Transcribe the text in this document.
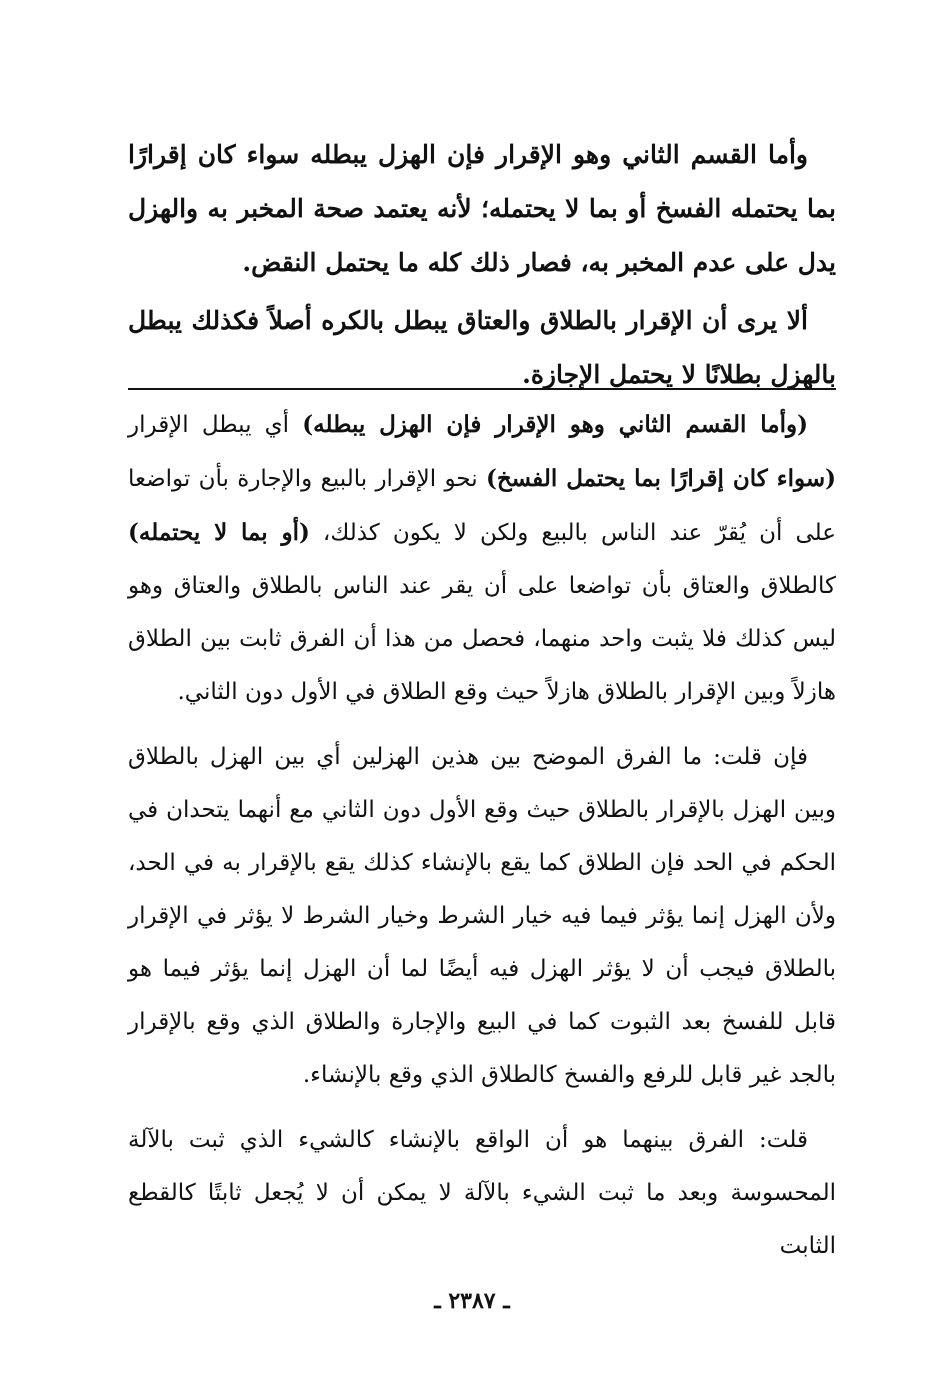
وأما القسم الثاني وهو الإقرار فإن الهزل يبطله سواء كان إقرارًا بما يحتمله الفسخ أو بما لا يحتمله؛ لأنه يعتمد صحة المخبر به والهزل يدل على عدم المخبر به، فصار ذلك كله ما يحتمل النقض.

ألا يرى أن الإقرار بالطلاق والعتاق يبطل بالكره أصلاً فكذلك يبطل بالهزل بطلانًا لا يحتمل الإجازة.

(وأما القسم الثاني وهو الإقرار فإن الهزل يبطله) أي يبطل الإقرار (سواء كان إقرارًا بما يحتمل الفسخ) نحو الإقرار بالبيع والإجارة بأن تواضعا على أن يُقرّ عند الناس بالبيع ولكن لا يكون كذلك، (أو بما لا يحتمله) كالطلاق والعتاق بأن تواضعا على أن يقر عند الناس بالطلاق والعتاق وهو ليس كذلك فلا يثبت واحد منهما، فحصل من هذا أن الفرق ثابت بين الطلاق هازلاً وبين الإقرار بالطلاق هازلاً حيث وقع الطلاق في الأول دون الثاني.

فإن قلت: ما الفرق الموضح بين هذين الهزلين أي بين الهزل بالطلاق وبين الهزل بالإقرار بالطلاق حيث وقع الأول دون الثاني مع أنهما يتحدان في الحكم في الحد فإن الطلاق كما يقع بالإنشاء كذلك يقع بالإقرار به في الحد، ولأن الهزل إنما يؤثر فيما فيه خيار الشرط وخيار الشرط لا يؤثر في الإقرار بالطلاق فيجب أن لا يؤثر الهزل فيه أيضًا لما أن الهزل إنما يؤثر فيما هو قابل للفسخ بعد الثبوت كما في البيع والإجارة والطلاق الذي وقع بالإقرار بالجد غير قابل للرفع والفسخ كالطلاق الذي وقع بالإنشاء.

قلت: الفرق بينهما هو أن الواقع بالإنشاء كالشيء الذي ثبت بالآلة المحسوسة وبعد ما ثبت الشيء بالآلة لا يمكن أن لا يُجعل ثابتًا كالقطع الثابت

ـ ٢٣٨٧ ـ
